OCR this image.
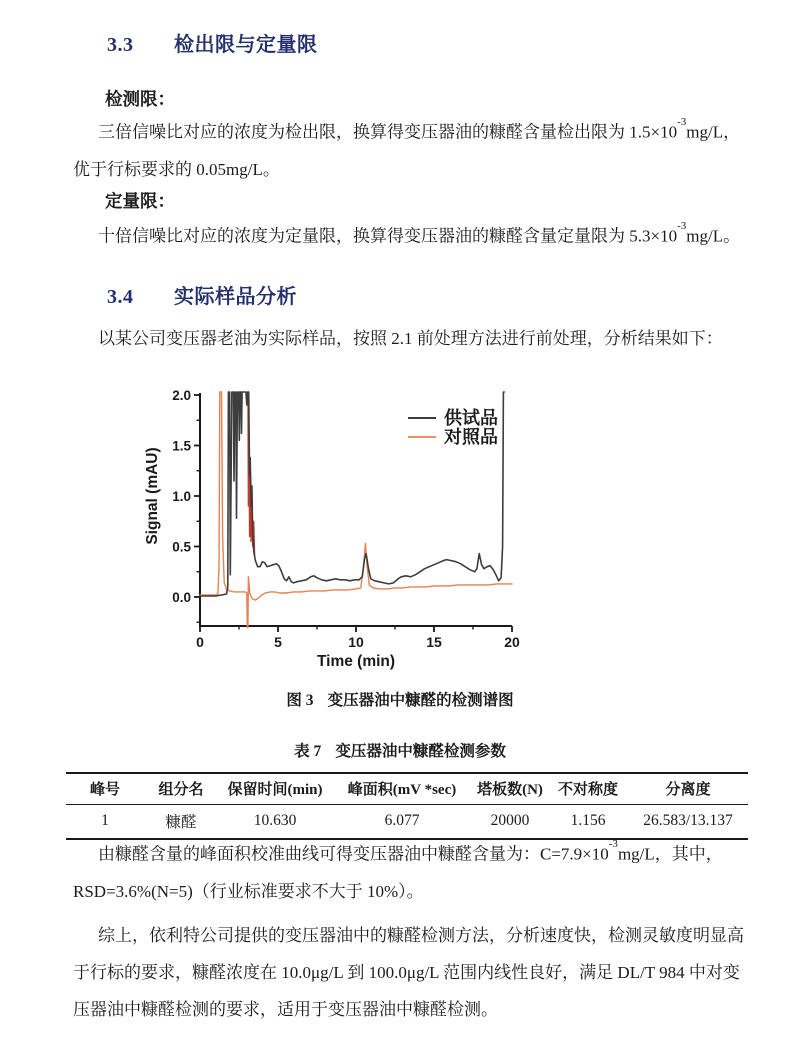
3.3 检出限与定量限
检测限：
三倍信噪比对应的浓度为检出限，换算得变压器油的糠醛含量检出限为 $1.5\times 10^{-3}mg/L$，
优于行标要求的 0.05mg/L。
定量限：
十倍信噪比对应的浓度为定量限，换算得变压器油的糠醛含量定量限为 $5.3\times 10^{-3}mg/L$。
3.4 实际样品分析
以某公司变压器老油为实际样品，按照 2.1 前处理方法进行前处理，分析结果如下：
0	5	10	15	20
0.0
0.5
1.0
1.5
2.0
Time (min)
Signal (mAU)
供试品
对照品
图 3 变压器油中糠醛的检测谱图
表 7 变压器油中糠醛检测参数
峰号	组分名	保留时间(min)	峰面积(mV *sec)	塔板数(N)	不对称度	分离度
1	糠醛	10.630	6.077	20000	1.156	26.583/13.137
由糠醛含量的峰面积校准曲线可得变压器油中糠醛含量为：$C=7.9\times 10^{-3}mg/L$，其中，
RSD=3.6%(N=5)（行业标准要求不大于 10%）。
综上，依利特公司提供的变压器油中的糠醛检测方法，分析速度快，检测灵敏度明显高
于行标的要求，糠醛浓度在 10.0μg/L 到 100.0μg/L 范围内线性良好，满足 DL/T 984 中对变
压器油中糠醛检测的要求，适用于变压器油中糠醛检测。
